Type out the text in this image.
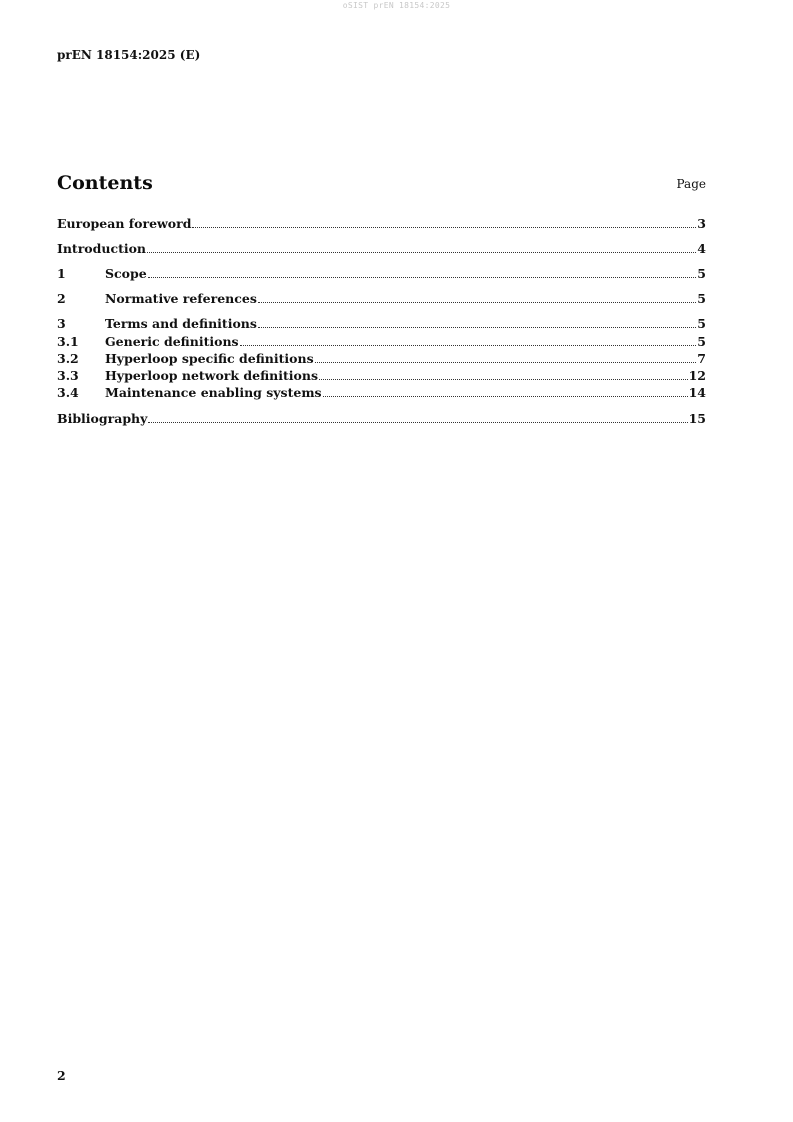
oSIST prEN 18154:2025
prEN 18154:2025 (E)
Contents	Page
European foreword	3
Introduction	4
1	Scope	5
2	Normative references	5
3	Terms and definitions	5
3.1	Generic definitions	5
3.2	Hyperloop specific definitions	7
3.3	Hyperloop network definitions	12
3.4	Maintenance enabling systems	14
Bibliography	15
2
